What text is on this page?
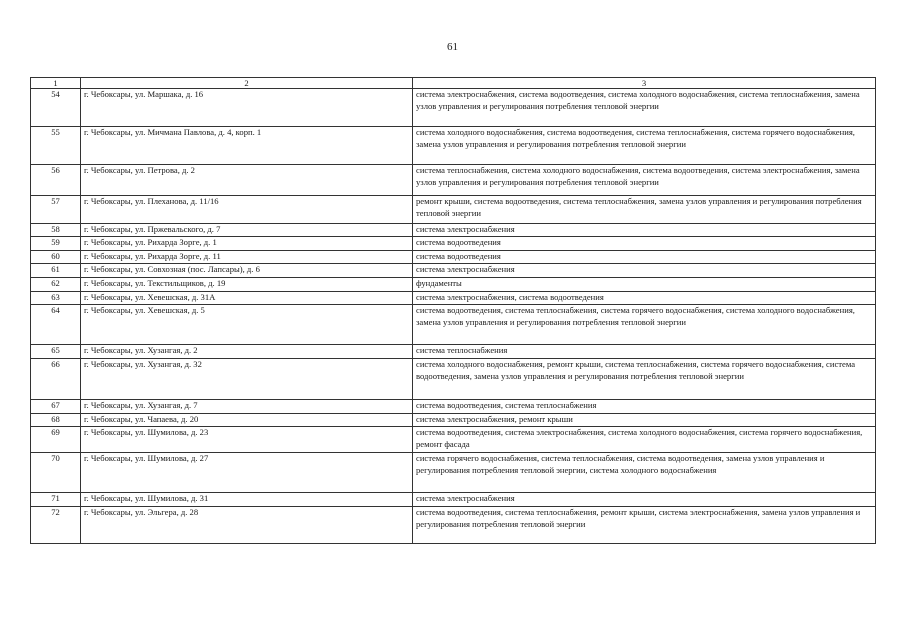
61
1	2	3
54	г. Чебоксары, ул. Маршака, д. 16	система электроснабжения, система водоотведения, система холодного водоснабжения, система теплоснабжения, замена узлов управления и регулирования потребления тепловой энергии
55	г. Чебоксары, ул. Мичмана Павлова, д. 4, корп. 1	система холодного водоснабжения, система водоотведения, система теплоснабжения, система горячего водоснабжения, замена узлов управления и регулирования потребления тепловой энергии
56	г. Чебоксары, ул. Петрова, д. 2	система теплоснабжения, система холодного водоснабжения, система водоотведения, система электроснабжения, замена узлов управления и регулирования потребления тепловой энергии
57	г. Чебоксары, ул. Плеханова, д. 11/16	ремонт крыши, система водоотведения, система теплоснабжения, замена узлов управления и регулирования потребления тепловой энергии
58	г. Чебоксары, ул. Пржевальского, д. 7	система электроснабжения
59	г. Чебоксары, ул. Рихарда Зорге, д. 1	система водоотведения
60	г. Чебоксары, ул. Рихарда Зорге, д. 11	система водоотведения
61	г. Чебоксары, ул. Совхозная (пос. Лапсары), д. 6	система электроснабжения
62	г. Чебоксары, ул. Текстильщиков, д. 19	фундаменты
63	г. Чебоксары, ул. Хевешская, д. 31А	система электроснабжения, система водоотведения
64	г. Чебоксары, ул. Хевешская, д. 5	система водоотведения, система теплоснабжения, система горячего водоснабжения, система холодного водоснабжения, замена узлов управления и регулирования потребления тепловой энергии
65	г. Чебоксары, ул. Хузангая, д. 2	система теплоснабжения
66	г. Чебоксары, ул. Хузангая, д. 32	система холодного водоснабжения, ремонт крыши, система теплоснабжения, система горячего водоснабжения, система водоотведения, замена узлов управления и регулирования потребления тепловой энергии
67	г. Чебоксары, ул. Хузангая, д. 7	система водоотведения, система теплоснабжения
68	г. Чебоксары, ул. Чапаева, д. 20	система электроснабжения, ремонт крыши
69	г. Чебоксары, ул. Шумилова, д. 23	система водоотведения, система электроснабжения, система холодного водоснабжения, система горячего водоснабжения, ремонт фасада
70	г. Чебоксары, ул. Шумилова, д. 27	система горячего водоснабжения, система теплоснабжения, система водоотведения, замена узлов управления и регулирования потребления тепловой энергии, система холодного водоснабжения
71	г. Чебоксары, ул. Шумилова, д. 31	система электроснабжения
72	г. Чебоксары, ул. Эльгера, д. 28	система водоотведения, система теплоснабжения, ремонт крыши, система электроснабжения, замена узлов управления и регулирования потребления тепловой энергии
